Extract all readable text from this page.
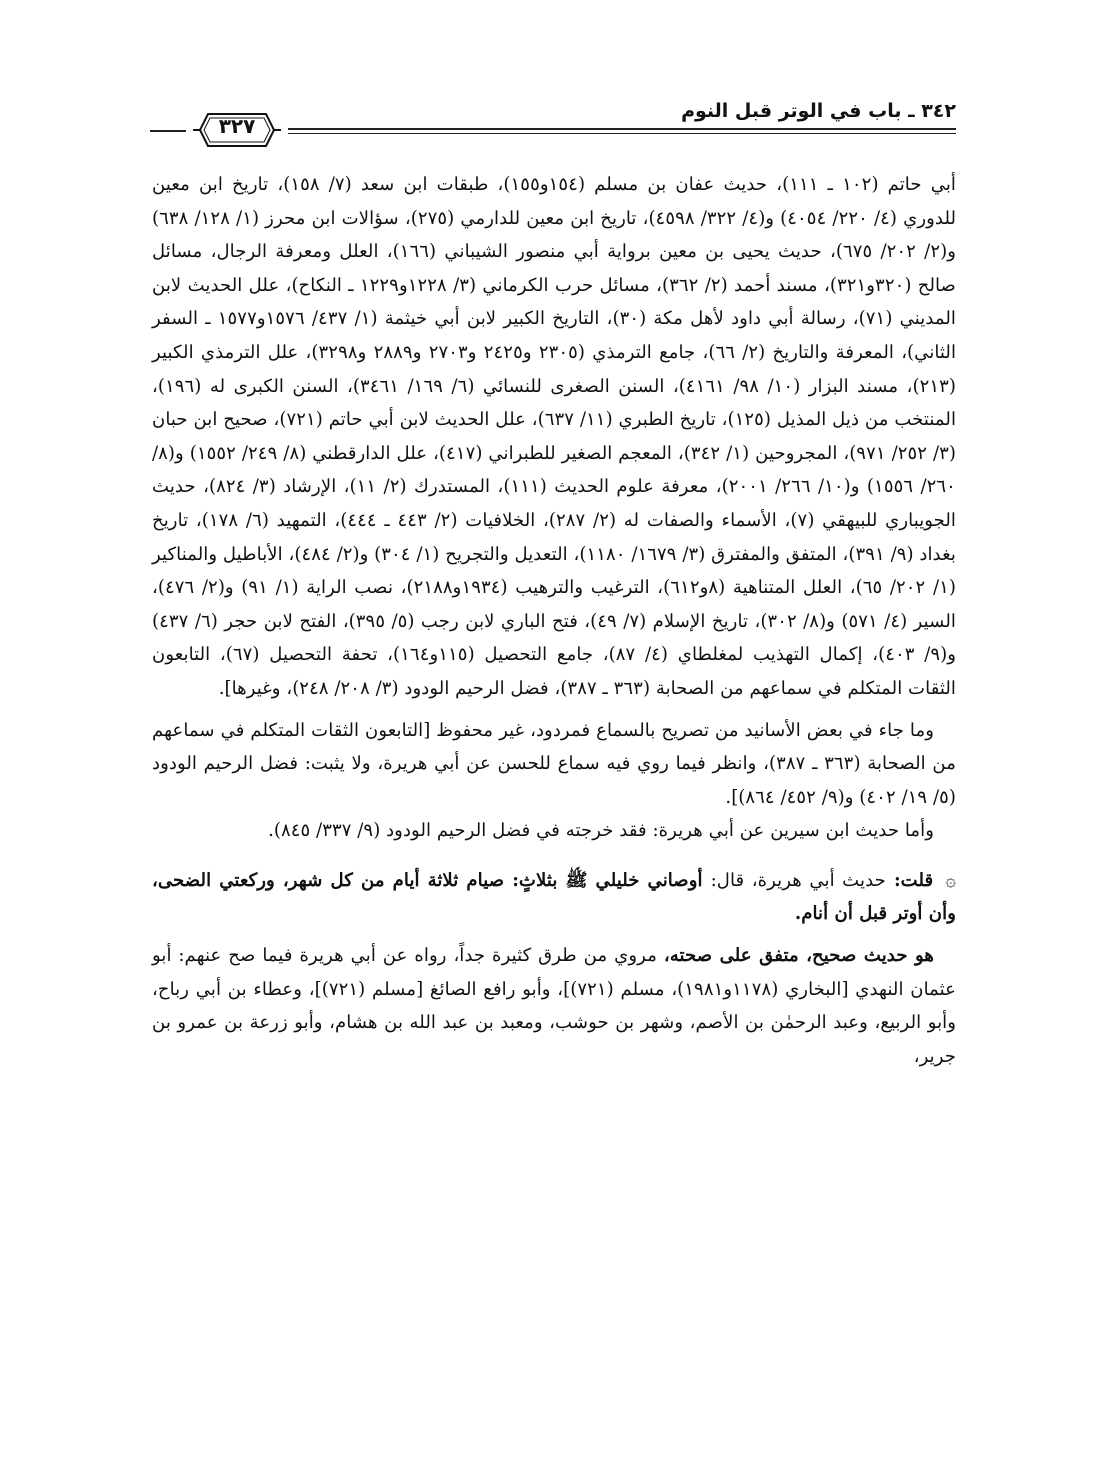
٣٤٢ ـ باب في الوتر قبل النوم
٣٢٧

أبي حاتم (١٠٢ ـ ١١١)، حديث عفان بن مسلم (١٥٤و١٥٥)، طبقات ابن سعد (٧/ ١٥٨)، تاريخ ابن معين للدوري (٤/ ٢٢٠/ ٤٠٥٤) و(٤/ ٣٢٢/ ٤٥٩٨)، تاريخ ابن معين للدارمي (٢٧٥)، سؤالات ابن محرز (١/ ١٢٨/ ٦٣٨) و(٢/ ٢٠٢/ ٦٧٥)، حديث يحيى بن معين برواية أبي منصور الشيباني (١٦٦)، العلل ومعرفة الرجال، مسائل صالح (٣٢٠و٣٢١)، مسند أحمد (٢/ ٣٦٢)، مسائل حرب الكرماني (٣/ ١٢٢٨و١٢٢٩ ـ النكاح)، علل الحديث لابن المديني (٧١)، رسالة أبي داود لأهل مكة (٣٠)، التاريخ الكبير لابن أبي خيثمة (١/ ٤٣٧/ ١٥٧٦و١٥٧٧ ـ السفر الثاني)، المعرفة والتاريخ (٢/ ٦٦)، جامع الترمذي (٢٣٠٥ و٢٤٢٥ و٢٧٠٣ و٢٨٨٩ و٣٢٩٨)، علل الترمذي الكبير (٢١٣)، مسند البزار (١٠/ ٩٨/ ٤١٦١)، السنن الصغرى للنسائي (٦/ ١٦٩/ ٣٤٦١)، السنن الكبرى له (١٩٦)، المنتخب من ذيل المذيل (١٢٥)، تاريخ الطبري (١١/ ٦٣٧)، علل الحديث لابن أبي حاتم (٧٢١)، صحيح ابن حبان (٣/ ٢٥٢/ ٩٧١)، المجروحين (١/ ٣٤٢)، المعجم الصغير للطبراني (٤١٧)، علل الدارقطني (٨/ ٢٤٩/ ١٥٥٢) و(٨/ ٢٦٠/ ١٥٥٦) و(١٠/ ٢٦٦/ ٢٠٠١)، معرفة علوم الحديث (١١١)، المستدرك (٢/ ١١)، الإرشاد (٣/ ٨٢٤)، حديث الجويباري للبيهقي (٧)، الأسماء والصفات له (٢/ ٢٨٧)، الخلافيات (٢/ ٤٤٣ ـ ٤٤٤)، التمهيد (٦/ ١٧٨)، تاريخ بغداد (٩/ ٣٩١)، المتفق والمفترق (٣/ ١٦٧٩/ ١١٨٠)، التعديل والتجريح (١/ ٣٠٤) و(٢/ ٤٨٤)، الأباطيل والمناكير (١/ ٢٠٢/ ٦٥)، العلل المتناهية (٨و٦١٢)، الترغيب والترهيب (١٩٣٤و٢١٨٨)، نصب الراية (١/ ٩١) و(٢/ ٤٧٦)، السير (٤/ ٥٧١) و(٨/ ٣٠٢)، تاريخ الإسلام (٧/ ٤٩)، فتح الباري لابن رجب (٥/ ٣٩٥)، الفتح لابن حجر (٦/ ٤٣٧) و(٩/ ٤٠٣)، إكمال التهذيب لمغلطاي (٤/ ٨٧)، جامع التحصيل (١١٥و١٦٤)، تحفة التحصيل (٦٧)، التابعون الثقات المتكلم في سماعهم من الصحابة (٣٦٣ ـ ٣٨٧)، فضل الرحيم الودود (٣/ ٢٠٨/ ٢٤٨)، وغيرها].

وما جاء في بعض الأسانيد من تصريح بالسماع فمردود، غير محفوظ [التابعون الثقات المتكلم في سماعهم من الصحابة (٣٦٣ ـ ٣٨٧)، وانظر فيما روي فيه سماع للحسن عن أبي هريرة، ولا يثبت: فضل الرحيم الودود (٥/ ١٩/ ٤٠٢) و(٩/ ٤٥٢/ ٨٦٤)].

وأما حديث ابن سيرين عن أبي هريرة: فقد خرجته في فضل الرحيم الودود (٩/ ٣٣٧/ ٨٤٥).

۞ قلت: حديث أبي هريرة، قال: أوصاني خليلي ﷺ بثلاثٍ: صيام ثلاثة أيام من كل شهر، وركعتي الضحى، وأن أوتر قبل أن أنام.

هو حديث صحيح، متفق على صحته، مروي من طرق كثيرة جداً، رواه عن أبي هريرة فيما صح عنهم: أبو عثمان النهدي [البخاري (١١٧٨و١٩٨١)، مسلم (٧٢١)]، وأبو رافع الصائغ [مسلم (٧٢١)]، وعطاء بن أبي رباح، وأبو الربيع، وعبد الرحمٰن بن الأصم، وشهر بن حوشب، ومعبد بن عبد الله بن هشام، وأبو زرعة بن عمرو بن جرير،
